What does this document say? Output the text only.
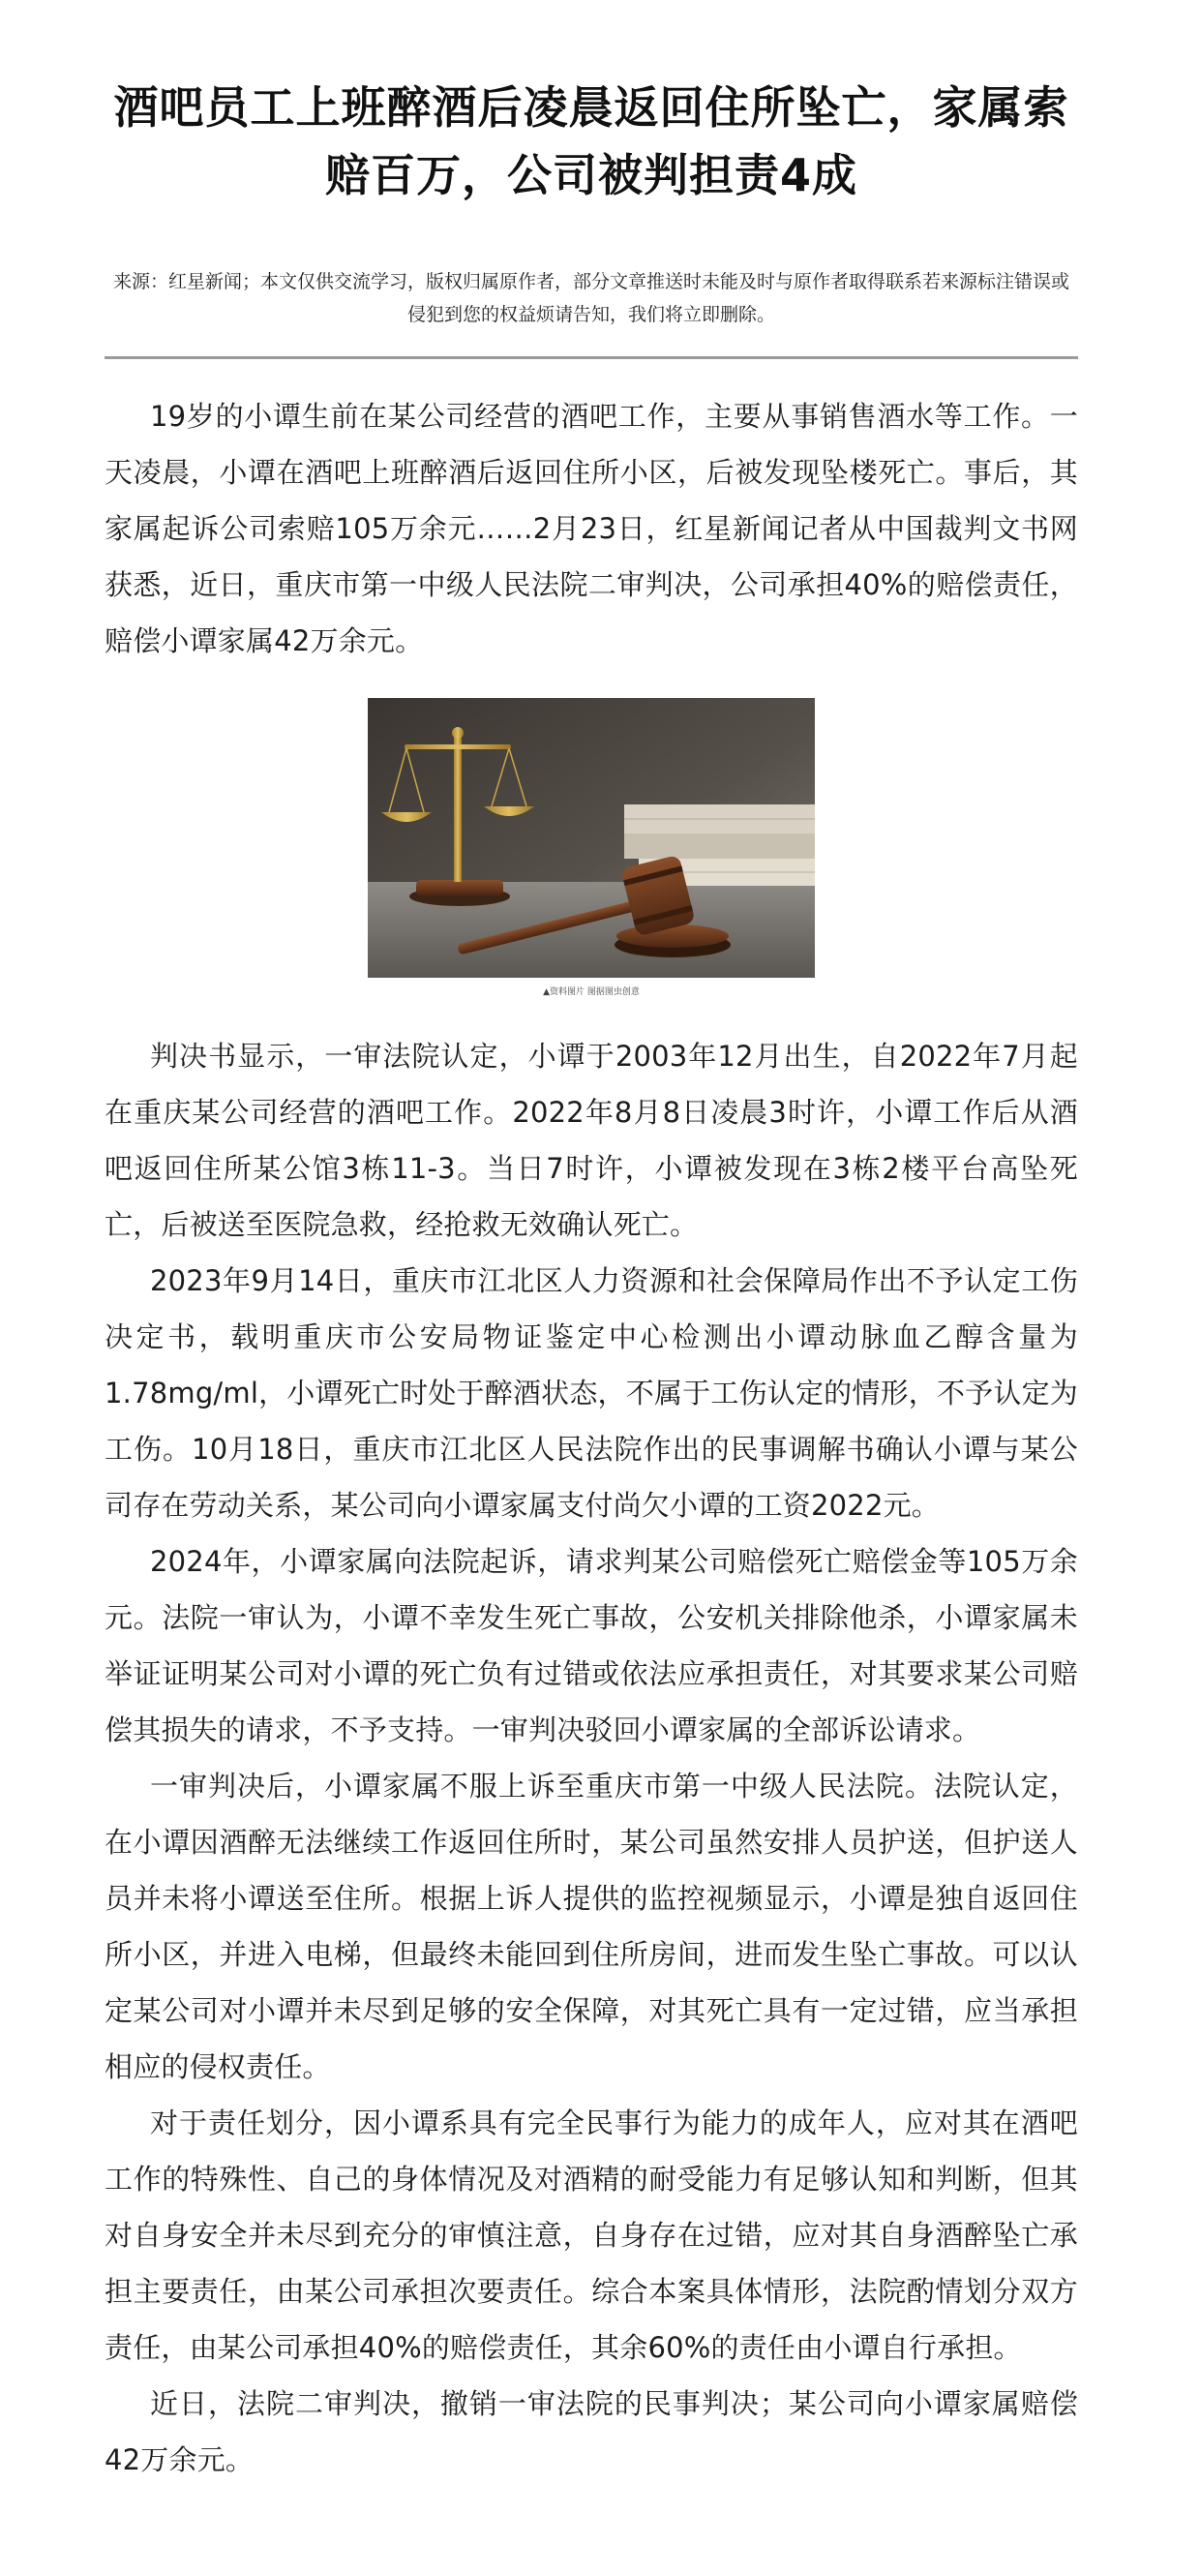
酒吧员工上班醉酒后凌晨返回住所坠亡，家属索赔百万，公司被判担责4成

来源：红星新闻；本文仅供交流学习，版权归属原作者，部分文章推送时未能及时与原作者取得联系若来源标注错误或侵犯到您的权益烦请告知，我们将立即删除。

19岁的小谭生前在某公司经营的酒吧工作，主要从事销售酒水等工作。一天凌晨，小谭在酒吧上班醉酒后返回住所小区，后被发现坠楼死亡。事后，其家属起诉公司索赔105万余元……2月23日，红星新闻记者从中国裁判文书网获悉，近日，重庆市第一中级人民法院二审判决，公司承担40%的赔偿责任，赔偿小谭家属42万余元。

▲资料图片 图据图虫创意

判决书显示，一审法院认定，小谭于2003年12月出生，自2022年7月起在重庆某公司经营的酒吧工作。2022年8月8日凌晨3时许，小谭工作后从酒吧返回住所某公馆3栋11-3。当日7时许，小谭被发现在3栋2楼平台高坠死亡，后被送至医院急救，经抢救无效确认死亡。

2023年9月14日，重庆市江北区人力资源和社会保障局作出不予认定工伤决定书，载明重庆市公安局物证鉴定中心检测出小谭动脉血乙醇含量为1.78mg/ml，小谭死亡时处于醉酒状态，不属于工伤认定的情形，不予认定为工伤。10月18日，重庆市江北区人民法院作出的民事调解书确认小谭与某公司存在劳动关系，某公司向小谭家属支付尚欠小谭的工资2022元。

2024年，小谭家属向法院起诉，请求判某公司赔偿死亡赔偿金等105万余元。法院一审认为，小谭不幸发生死亡事故，公安机关排除他杀，小谭家属未举证证明某公司对小谭的死亡负有过错或依法应承担责任，对其要求某公司赔偿其损失的请求，不予支持。一审判决驳回小谭家属的全部诉讼请求。

一审判决后，小谭家属不服上诉至重庆市第一中级人民法院。法院认定，在小谭因酒醉无法继续工作返回住所时，某公司虽然安排人员护送，但护送人员并未将小谭送至住所。根据上诉人提供的监控视频显示，小谭是独自返回住所小区，并进入电梯，但最终未能回到住所房间，进而发生坠亡事故。可以认定某公司对小谭并未尽到足够的安全保障，对其死亡具有一定过错，应当承担相应的侵权责任。

对于责任划分，因小谭系具有完全民事行为能力的成年人，应对其在酒吧工作的特殊性、自己的身体情况及对酒精的耐受能力有足够认知和判断，但其对自身安全并未尽到充分的审慎注意，自身存在过错，应对其自身酒醉坠亡承担主要责任，由某公司承担次要责任。综合本案具体情形，法院酌情划分双方责任，由某公司承担40%的赔偿责任，其余60%的责任由小谭自行承担。

近日，法院二审判决，撤销一审法院的民事判决；某公司向小谭家属赔偿42万余元。
